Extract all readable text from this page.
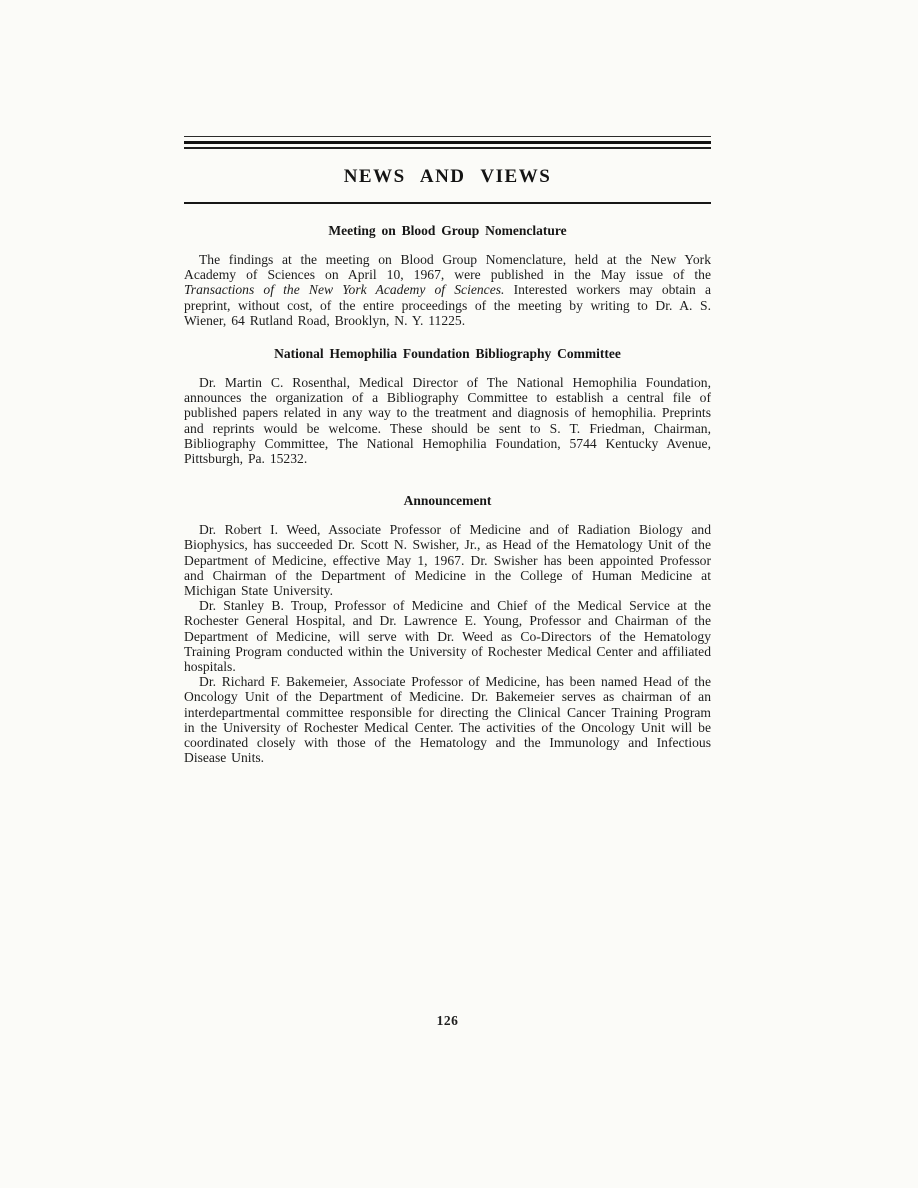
NEWS AND VIEWS
Meeting on Blood Group Nomenclature

The findings at the meeting on Blood Group Nomenclature, held at the New York Academy of Sciences on April 10, 1967, were published in the May issue of the Transactions of the New York Academy of Sciences. Interested workers may obtain a preprint, without cost, of the entire proceedings of the meeting by writing to Dr. A. S. Wiener, 64 Rutland Road, Brooklyn, N. Y. 11225.

National Hemophilia Foundation Bibliography Committee

Dr. Martin C. Rosenthal, Medical Director of The National Hemophilia Foundation, announces the organization of a Bibliography Committee to establish a central file of published papers related in any way to the treatment and diagnosis of hemophilia. Preprints and reprints would be welcome. These should be sent to S. T. Friedman, Chairman, Bibliography Committee, The National Hemophilia Foundation, 5744 Kentucky Avenue, Pittsburgh, Pa. 15232.

Announcement

Dr. Robert I. Weed, Associate Professor of Medicine and of Radiation Biology and Biophysics, has succeeded Dr. Scott N. Swisher, Jr., as Head of the Hematology Unit of the Department of Medicine, effective May 1, 1967. Dr. Swisher has been appointed Professor and Chairman of the Department of Medicine in the College of Human Medicine at Michigan State University.

Dr. Stanley B. Troup, Professor of Medicine and Chief of the Medical Service at the Rochester General Hospital, and Dr. Lawrence E. Young, Professor and Chairman of the Department of Medicine, will serve with Dr. Weed as Co-Directors of the Hematology Training Program conducted within the University of Rochester Medical Center and affiliated hospitals.

Dr. Richard F. Bakemeier, Associate Professor of Medicine, has been named Head of the Oncology Unit of the Department of Medicine. Dr. Bakemeier serves as chairman of an interdepartmental committee responsible for directing the Clinical Cancer Training Program in the University of Rochester Medical Center. The activities of the Oncology Unit will be coordinated closely with those of the Hematology and the Immunology and Infectious Disease Units.

126
